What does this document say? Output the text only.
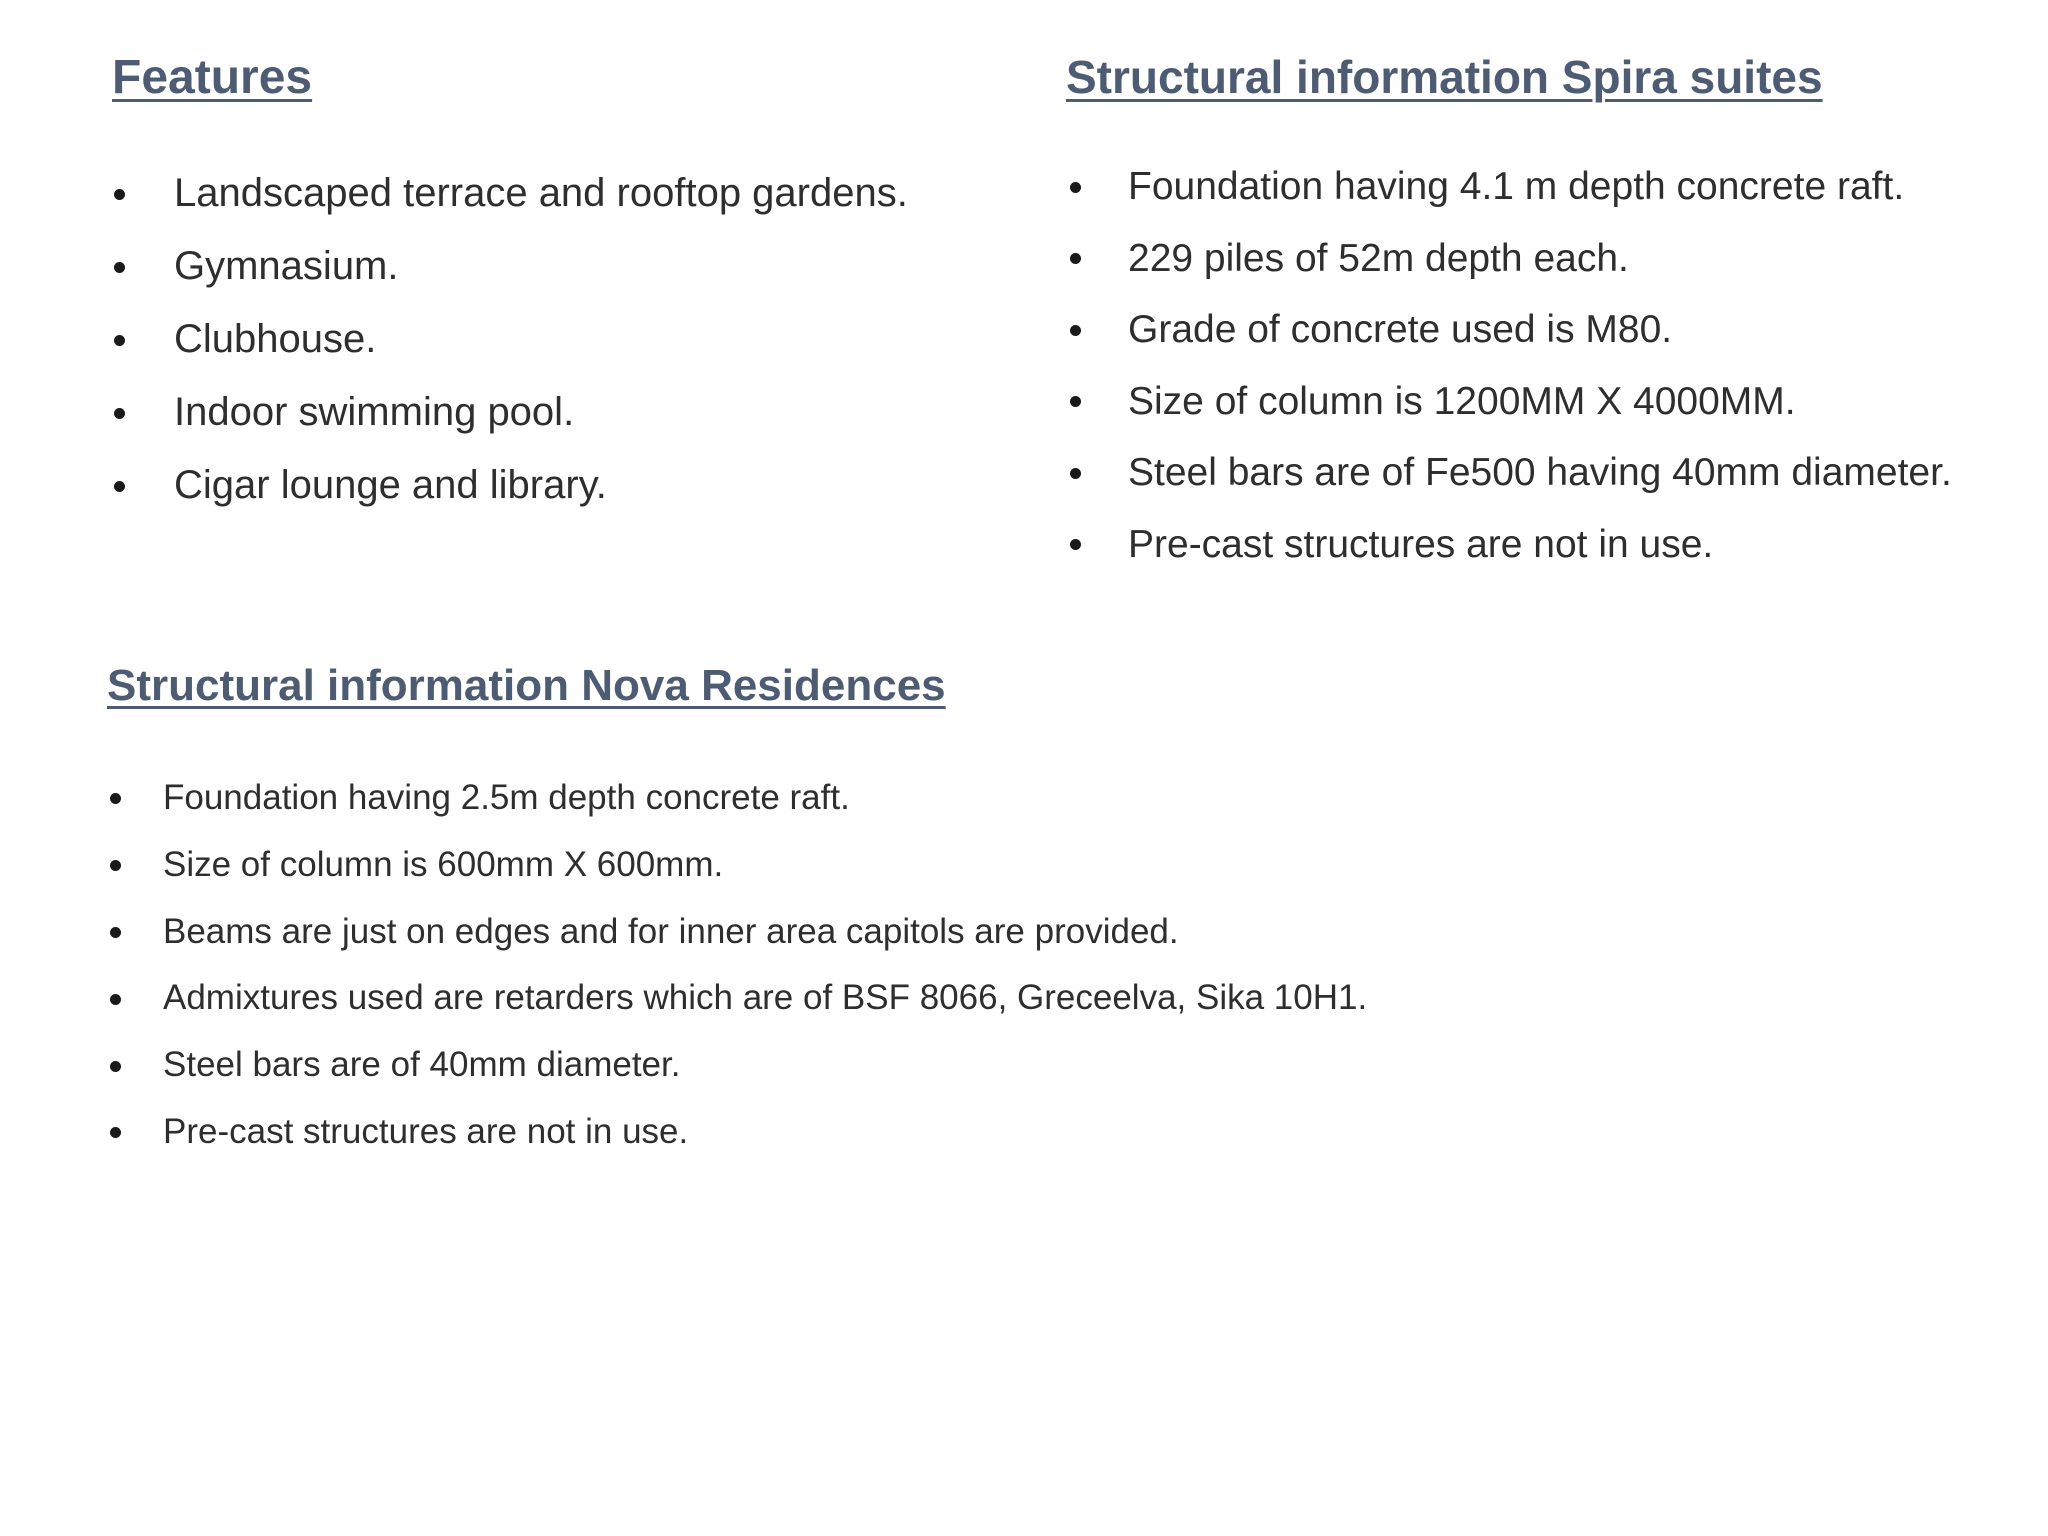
Features
Landscaped terrace and rooftop gardens.
Gymnasium.
Clubhouse.
Indoor swimming pool.
Cigar lounge and library.
Structural information Spira suites
Foundation having 4.1 m depth concrete raft.
229 piles of 52m depth each.
Grade of concrete used is M80.
Size of column is 1200MM X 4000MM.
Steel bars are of Fe500 having 40mm diameter.
Pre-cast structures are not in use.
Structural information Nova Residences
Foundation having 2.5m depth concrete raft.
Size of column is 600mm X 600mm.
Beams are just on edges and for inner area capitols are provided.
Admixtures used are retarders which are of BSF 8066, Greceelva, Sika 10H1.
Steel bars are of 40mm diameter.
Pre-cast structures are not in use.
